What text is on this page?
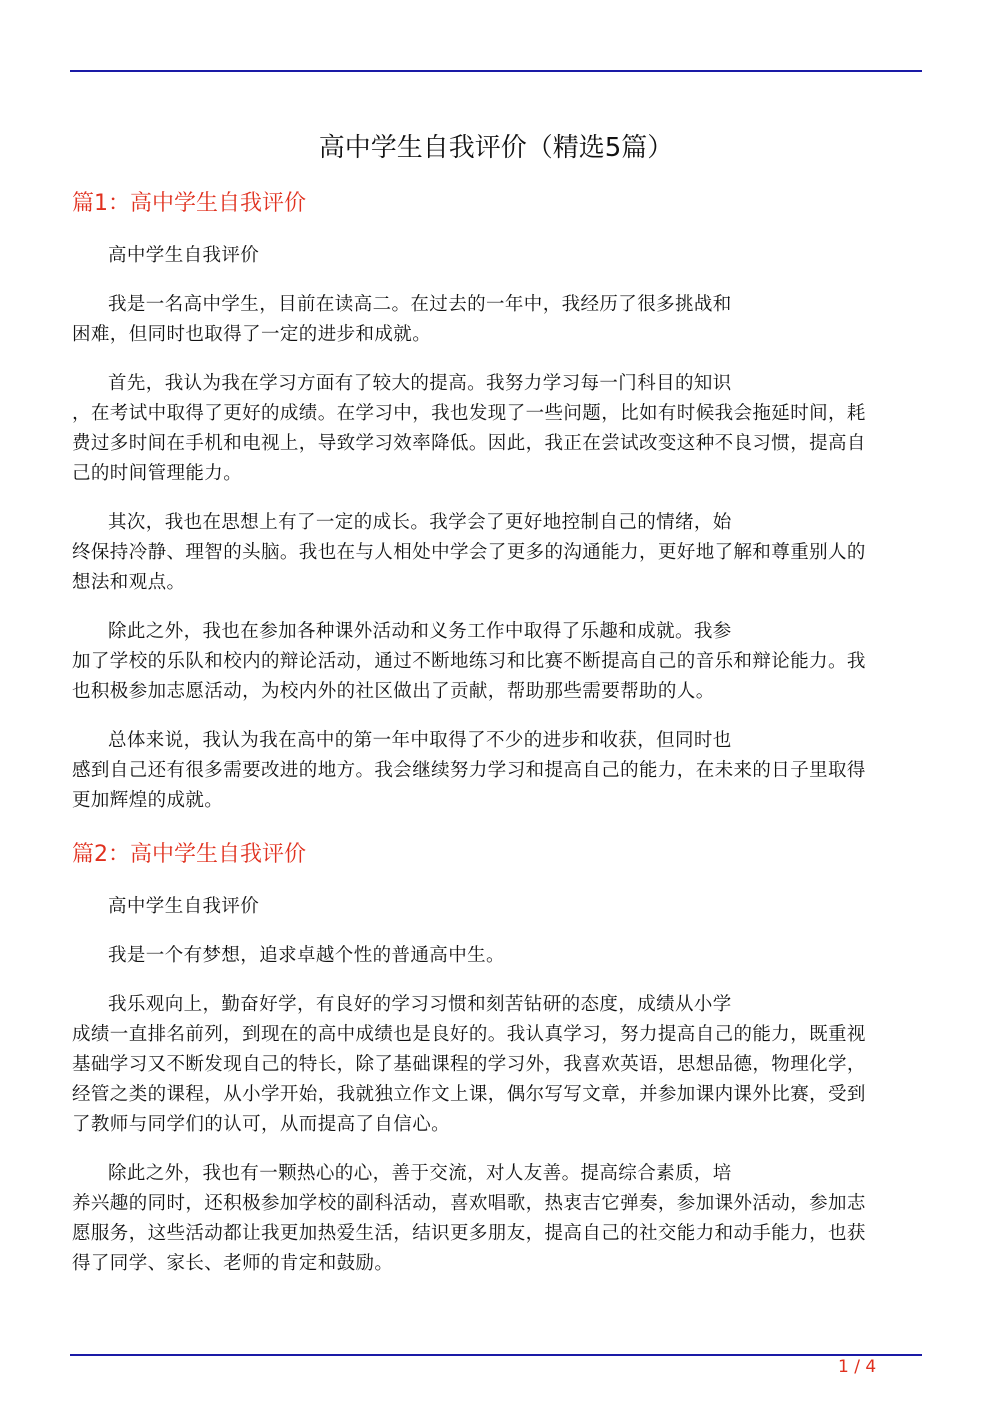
高中学生自我评价（精选5篇）
篇1：高中学生自我评价
高中学生自我评价
我是一名高中学生，目前在读高二。在过去的一年中，我经历了很多挑战和
困难，但同时也取得了一定的进步和成就。
首先，我认为我在学习方面有了较大的提高。我努力学习每一门科目的知识
，在考试中取得了更好的成绩。在学习中，我也发现了一些问题，比如有时候我会拖延时间，耗
费过多时间在手机和电视上，导致学习效率降低。因此，我正在尝试改变这种不良习惯，提高自
己的时间管理能力。
其次，我也在思想上有了一定的成长。我学会了更好地控制自己的情绪，始
终保持冷静、理智的头脑。我也在与人相处中学会了更多的沟通能力，更好地了解和尊重别人的
想法和观点。
除此之外，我也在参加各种课外活动和义务工作中取得了乐趣和成就。我参
加了学校的乐队和校内的辩论活动，通过不断地练习和比赛不断提高自己的音乐和辩论能力。我
也积极参加志愿活动，为校内外的社区做出了贡献，帮助那些需要帮助的人。
总体来说，我认为我在高中的第一年中取得了不少的进步和收获，但同时也
感到自己还有很多需要改进的地方。我会继续努力学习和提高自己的能力，在未来的日子里取得
更加辉煌的成就。
篇2：高中学生自我评价
高中学生自我评价
我是一个有梦想，追求卓越个性的普通高中生。
我乐观向上，勤奋好学，有良好的学习习惯和刻苦钻研的态度，成绩从小学
成绩一直排名前列，到现在的高中成绩也是良好的。我认真学习，努力提高自己的能力，既重视
基础学习又不断发现自己的特长，除了基础课程的学习外，我喜欢英语，思想品德，物理化学，
经管之类的课程，从小学开始，我就独立作文上课，偶尔写写文章，并参加课内课外比赛，受到
了教师与同学们的认可，从而提高了自信心。
除此之外，我也有一颗热心的心，善于交流，对人友善。提高综合素质，培
养兴趣的同时，还积极参加学校的副科活动，喜欢唱歌，热衷吉它弹奏，参加课外活动，参加志
愿服务，这些活动都让我更加热爱生活，结识更多朋友，提高自己的社交能力和动手能力，也获
得了同学、家长、老师的肯定和鼓励。
1 / 4
